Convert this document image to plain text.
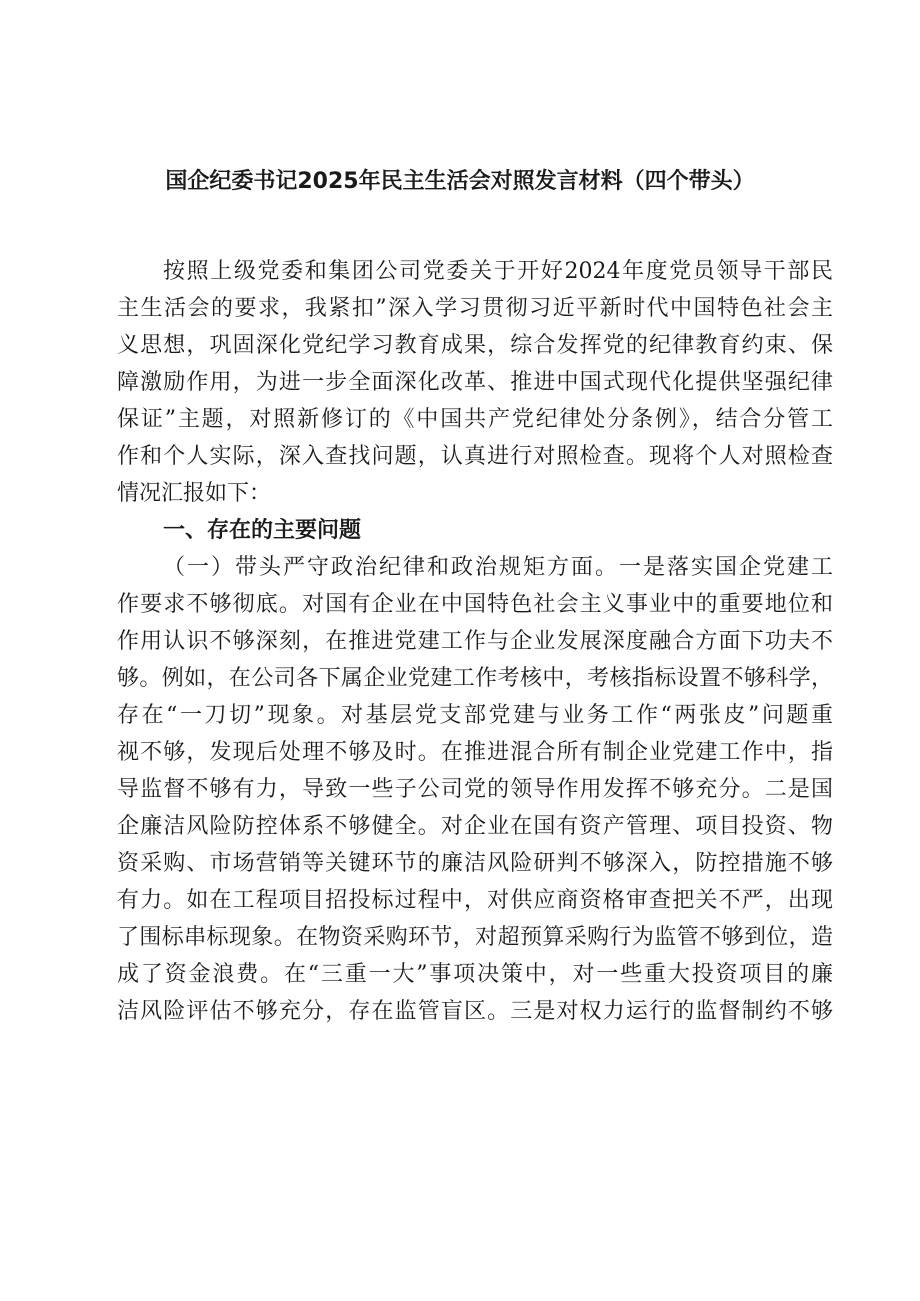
国企纪委书记2025年民主生活会对照发言材料（四个带头）

按照上级党委和集团公司党委关于开好2024年度党员领导干部民

主生活会的要求，我紧扣”深入学习贯彻习近平新时代中国特色社会主

义思想，巩固深化党纪学习教育成果，综合发挥党的纪律教育约束、保

障激励作用，为进一步全面深化改革、推进中国式现代化提供坚强纪律

保证”主题，对照新修订的《中国共产党纪律处分条例》，结合分管工

作和个人实际，深入查找问题，认真进行对照检查。现将个人对照检查

情况汇报如下：

一、存在的主要问题

（一）带头严守政治纪律和政治规矩方面。一是落实国企党建工

作要求不够彻底。对国有企业在中国特色社会主义事业中的重要地位和

作用认识不够深刻，在推进党建工作与企业发展深度融合方面下功夫不

够。例如，在公司各下属企业党建工作考核中，考核指标设置不够科学，

存在“一刀切”现象。对基层党支部党建与业务工作“两张皮”问题重

视不够，发现后处理不够及时。在推进混合所有制企业党建工作中，指

导监督不够有力，导致一些子公司党的领导作用发挥不够充分。二是国

企廉洁风险防控体系不够健全。对企业在国有资产管理、项目投资、物

资采购、市场营销等关键环节的廉洁风险研判不够深入，防控措施不够

有力。如在工程项目招投标过程中，对供应商资格审查把关不严，出现

了围标串标现象。在物资采购环节，对超预算采购行为监管不够到位，造

成了资金浪费。在“三重一大”事项决策中，对一些重大投资项目的廉

洁风险评估不够充分，存在监管盲区。三是对权力运行的监督制约不够
